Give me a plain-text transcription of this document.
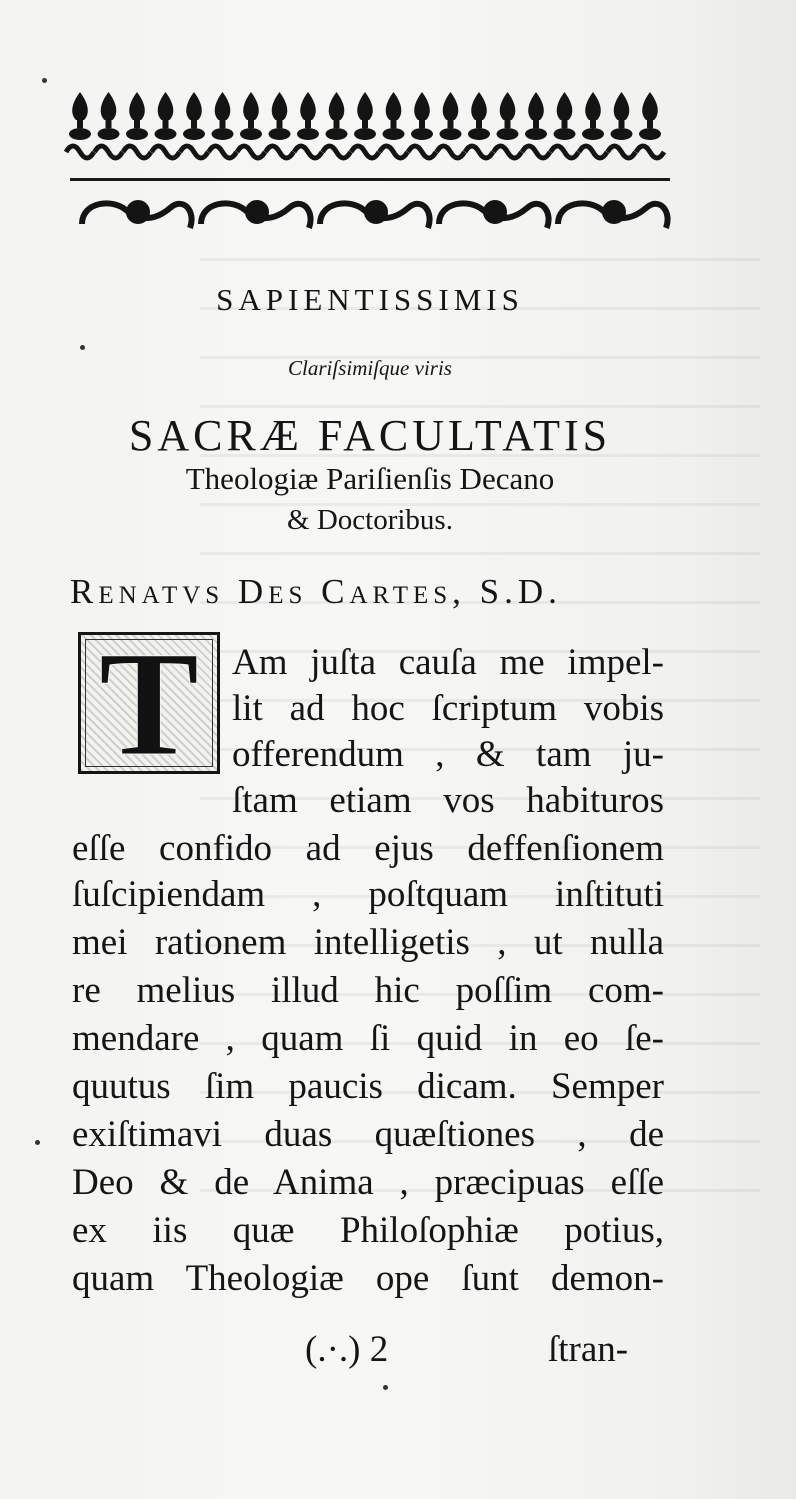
SAPIENTISSIMIS
Clariſsimiſque viris
SACRÆ FACULTATIS
Theologiæ Pariſienſis Decano
& Doctoribus.
Renatvs Des Cartes, S.D.
T Am juſta cauſa me impel-
lit ad hoc ſcriptum vobis
offerendum , & tam ju-
ſtam etiam vos habituros
eſſe confido ad ejus deffenſionem
ſuſcipiendam , poſtquam inſtituti
mei rationem intelligetis , ut nulla
re melius illud hic poſſim com-
mendare , quam ſi quid in eo ſe-
quutus ſim paucis dicam. Semper
exiſtimavi duas quæſtiones , de
Deo & de Anima , præcipuas eſſe
ex iis quæ Philoſophiæ potius,
quam Theologiæ ope ſunt demon-
(.·.) 2	ſtran-
